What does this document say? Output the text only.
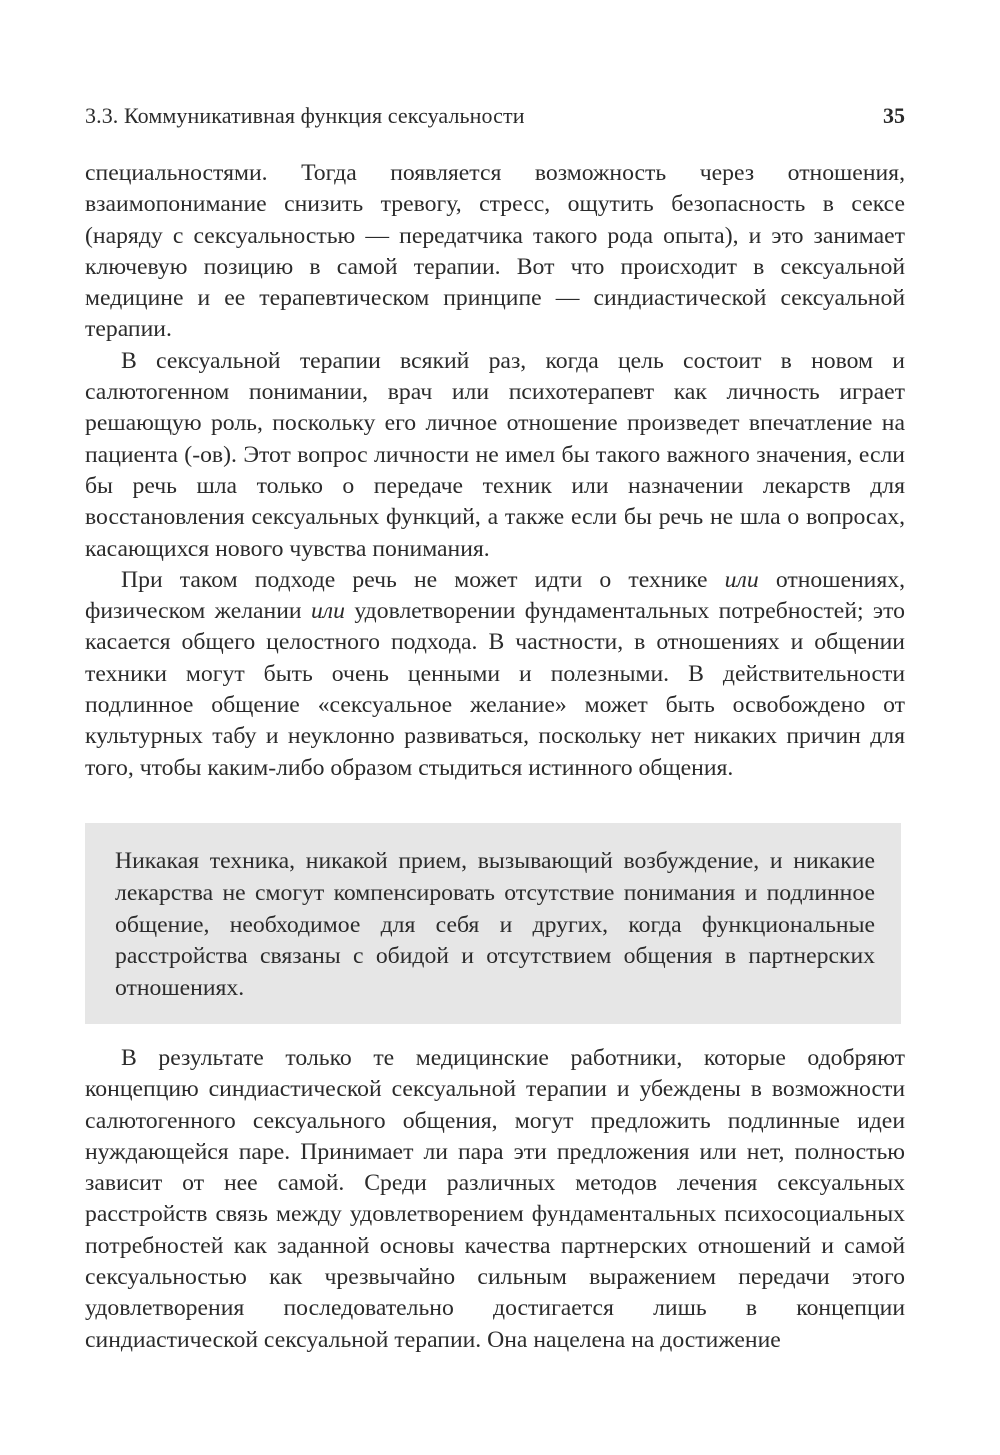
3.3. Коммуникативная функция сексуальности	35

специальностями. Тогда появляется возможность через отношения, взаимопонимание снизить тревогу, стресс, ощутить безопасность в сексе (наряду с сексуальностью — передатчика такого рода опыта), и это занимает ключевую позицию в самой терапии. Вот что происходит в сексуальной медицине и ее терапевтическом принципе — синдиастической сексуальной терапии.

В сексуальной терапии всякий раз, когда цель состоит в новом и салютогенном понимании, врач или психотерапевт как личность играет решающую роль, поскольку его личное отношение произведет впечатление на пациента (-ов). Этот вопрос личности не имел бы такого важного значения, если бы речь шла только о передаче техник или назначении лекарств для восстановления сексуальных функций, а также если бы речь не шла о вопросах, касающихся нового чувства понимания.

При таком подходе речь не может идти о технике или отношениях, физическом желании или удовлетворении фундаментальных потребностей; это касается общего целостного подхода. В частности, в отношениях и общении техники могут быть очень ценными и полезными. В действительности подлинное общение «сексуальное желание» может быть освобождено от культурных табу и неуклонно развиваться, поскольку нет никаких причин для того, чтобы каким-либо образом стыдиться истинного общения.

Никакая техника, никакой прием, вызывающий возбуждение, и никакие лекарства не смогут компенсировать отсутствие понимания и подлинное общение, необходимое для себя и других, когда функциональные расстройства связаны с обидой и отсутствием общения в партнерских отношениях.

В результате только те медицинские работники, которые одобряют концепцию синдиастической сексуальной терапии и убеждены в возможности салютогенного сексуального общения, могут предложить подлинные идеи нуждающейся паре. Принимает ли пара эти предложения или нет, полностью зависит от нее самой. Среди различных методов лечения сексуальных расстройств связь между удовлетворением фундаментальных психосоциальных потребностей как заданной основы качества партнерских отношений и самой сексуальностью как чрезвычайно сильным выражением передачи этого удовлетворения последовательно достигается лишь в концепции синдиастической сексуальной терапии. Она нацелена на достижение
